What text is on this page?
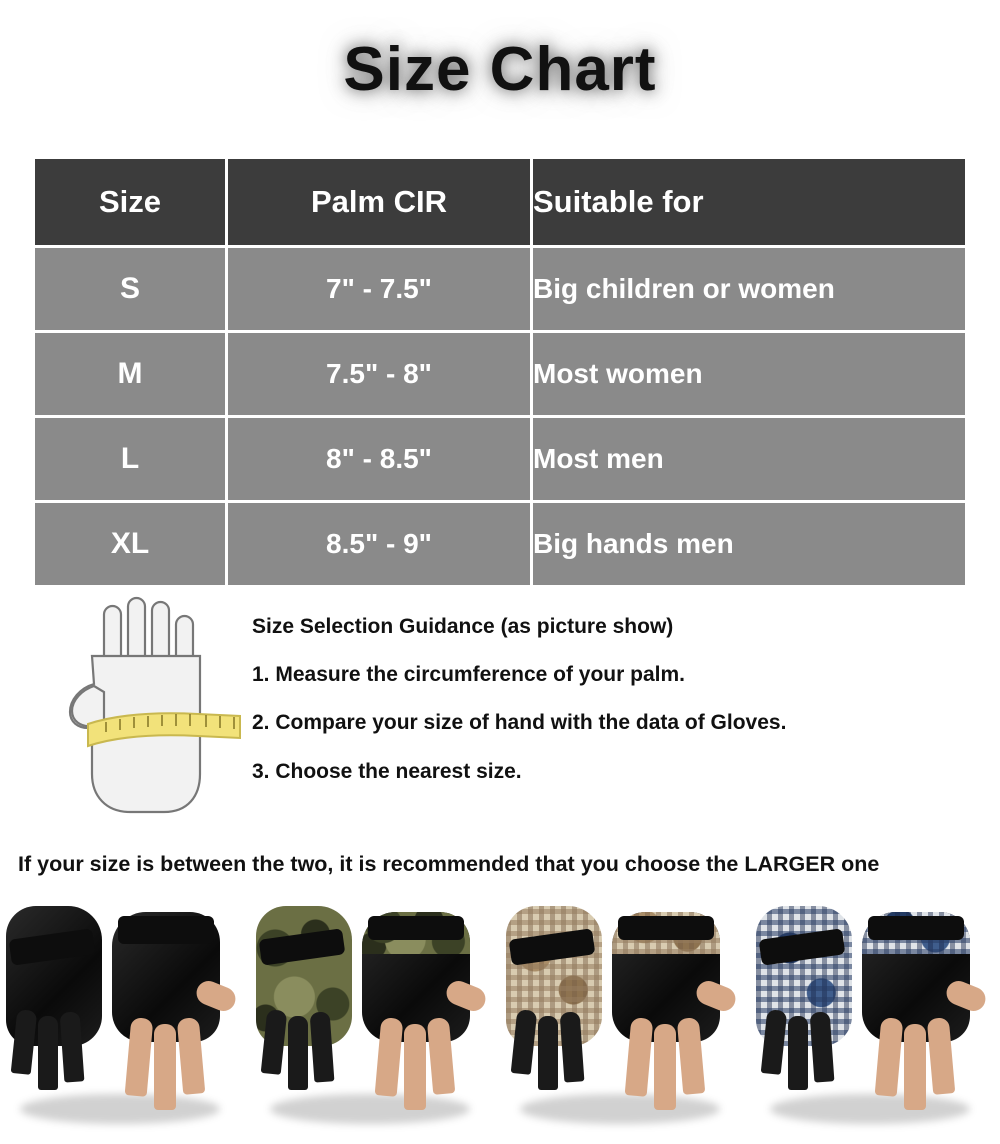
Size Chart
Size	Palm CIR	Suitable for
S	7" - 7.5"	Big children or women
M	7.5" - 8"	Most women
L	8" - 8.5"	Most men
XL	8.5" - 9"	Big hands men
Size Selection Guidance (as picture show)
1. Measure the circumference of your palm.
2. Compare your size of hand with the data of Gloves.
3. Choose the nearest size.
If your size is between the two, it is recommended that you choose the LARGER one
